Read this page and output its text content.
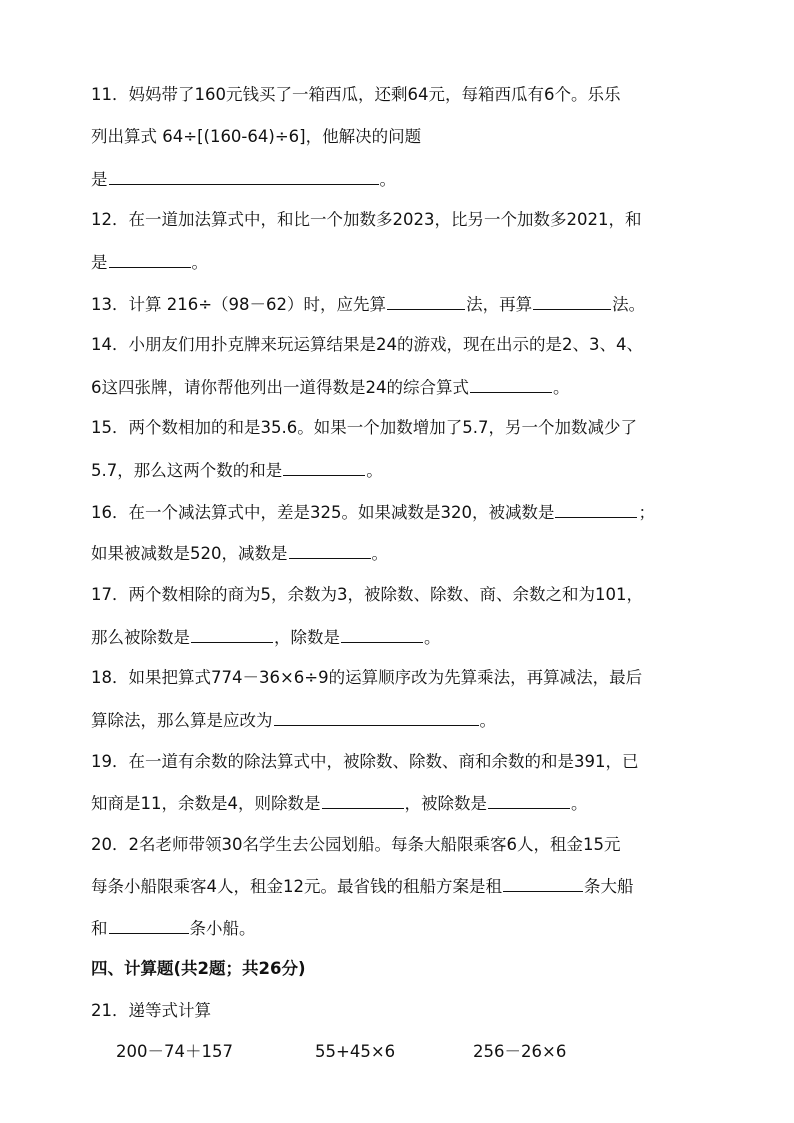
11．妈妈带了160元钱买了一箱西瓜，还剩64元，每箱西瓜有6个。乐乐
列出算式 64÷[(160-64)÷6]，他解决的问题
是	。
12．在一道加法算式中，和比一个加数多2023，比另一个加数多2021，和
是	。
13．计算 216÷（98－62）时，应先算	法，再算	法。
14．小朋友们用扑克牌来玩运算结果是24的游戏，现在出示的是2、3、4、
6这四张牌，请你帮他列出一道得数是24的综合算式	。
15．两个数相加的和是35.6。如果一个加数增加了5.7，另一个加数减少了
5.7，那么这两个数的和是	。
16．在一个减法算式中，差是325。如果减数是320，被减数是	；
如果被减数是520，减数是	。
17．两个数相除的商为5，余数为3，被除数、除数、商、余数之和为101，
那么被除数是	，除数是	。
18．如果把算式774－36×6÷9的运算顺序改为先算乘法，再算减法，最后
算除法，那么算是应改为	。
19．在一道有余数的除法算式中，被除数、除数、商和余数的和是391，已
知商是11，余数是4，则除数是	，被除数是	。
20．2名老师带领30名学生去公园划船。每条大船限乘客6人，租金15元
每条小船限乘客4人，租金12元。最省钱的租船方案是租	条大船
和	条小船。
四、计算题(共2题；共26分)
21．递等式计算
200－74＋157	55+45×6	256－26×6
